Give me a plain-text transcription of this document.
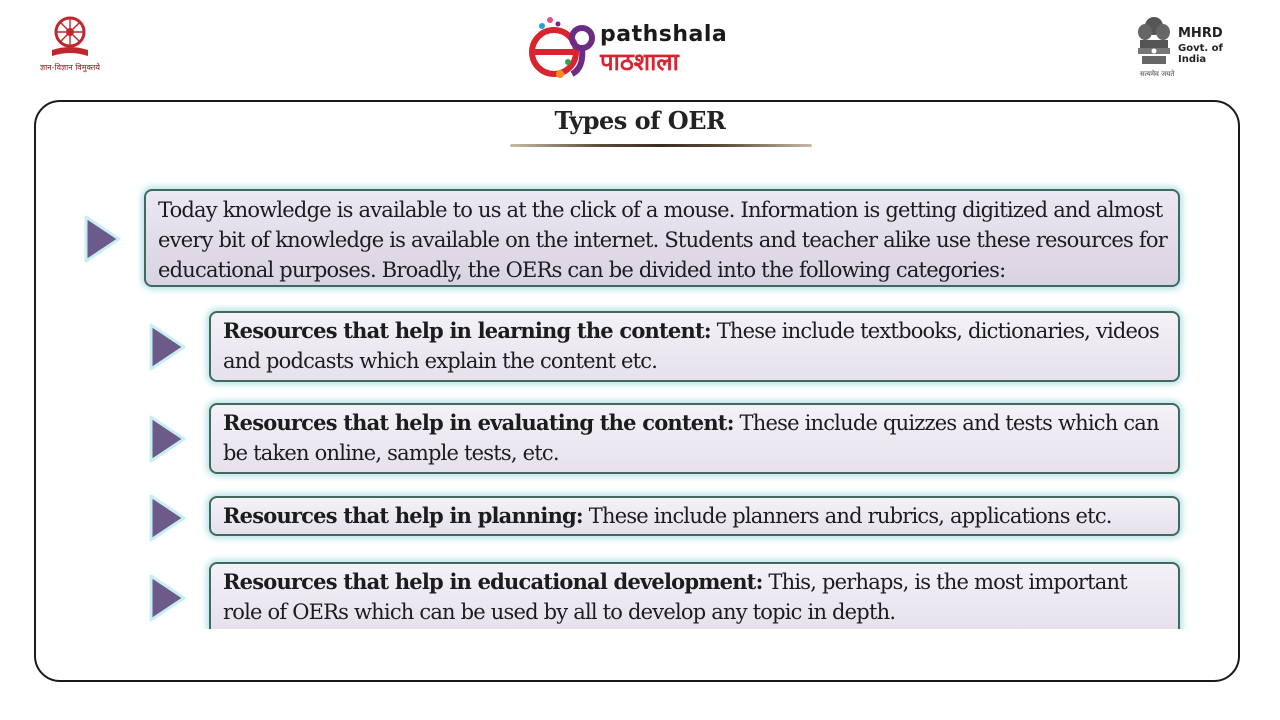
ज्ञान-विज्ञान विमुक्तये
pathshala
पाठशाला
MHRD
Govt. of India
सत्यमेव जयते
Types of OER
Today knowledge is available to us at the click of a mouse. Information is getting digitized and almost every bit of knowledge is available on the internet. Students and teacher alike use these resources for educational purposes. Broadly, the OERs can be divided into the following categories:
Resources that help in learning the content: These include textbooks, dictionaries, videos and podcasts which explain the content etc.
Resources that help in evaluating the content: These include quizzes and tests which can be taken online, sample tests, etc.
Resources that help in planning: These include planners and rubrics, applications etc.
Resources that help in educational development: This, perhaps, is the most important role of OERs which can be used by all to develop any topic in depth.
